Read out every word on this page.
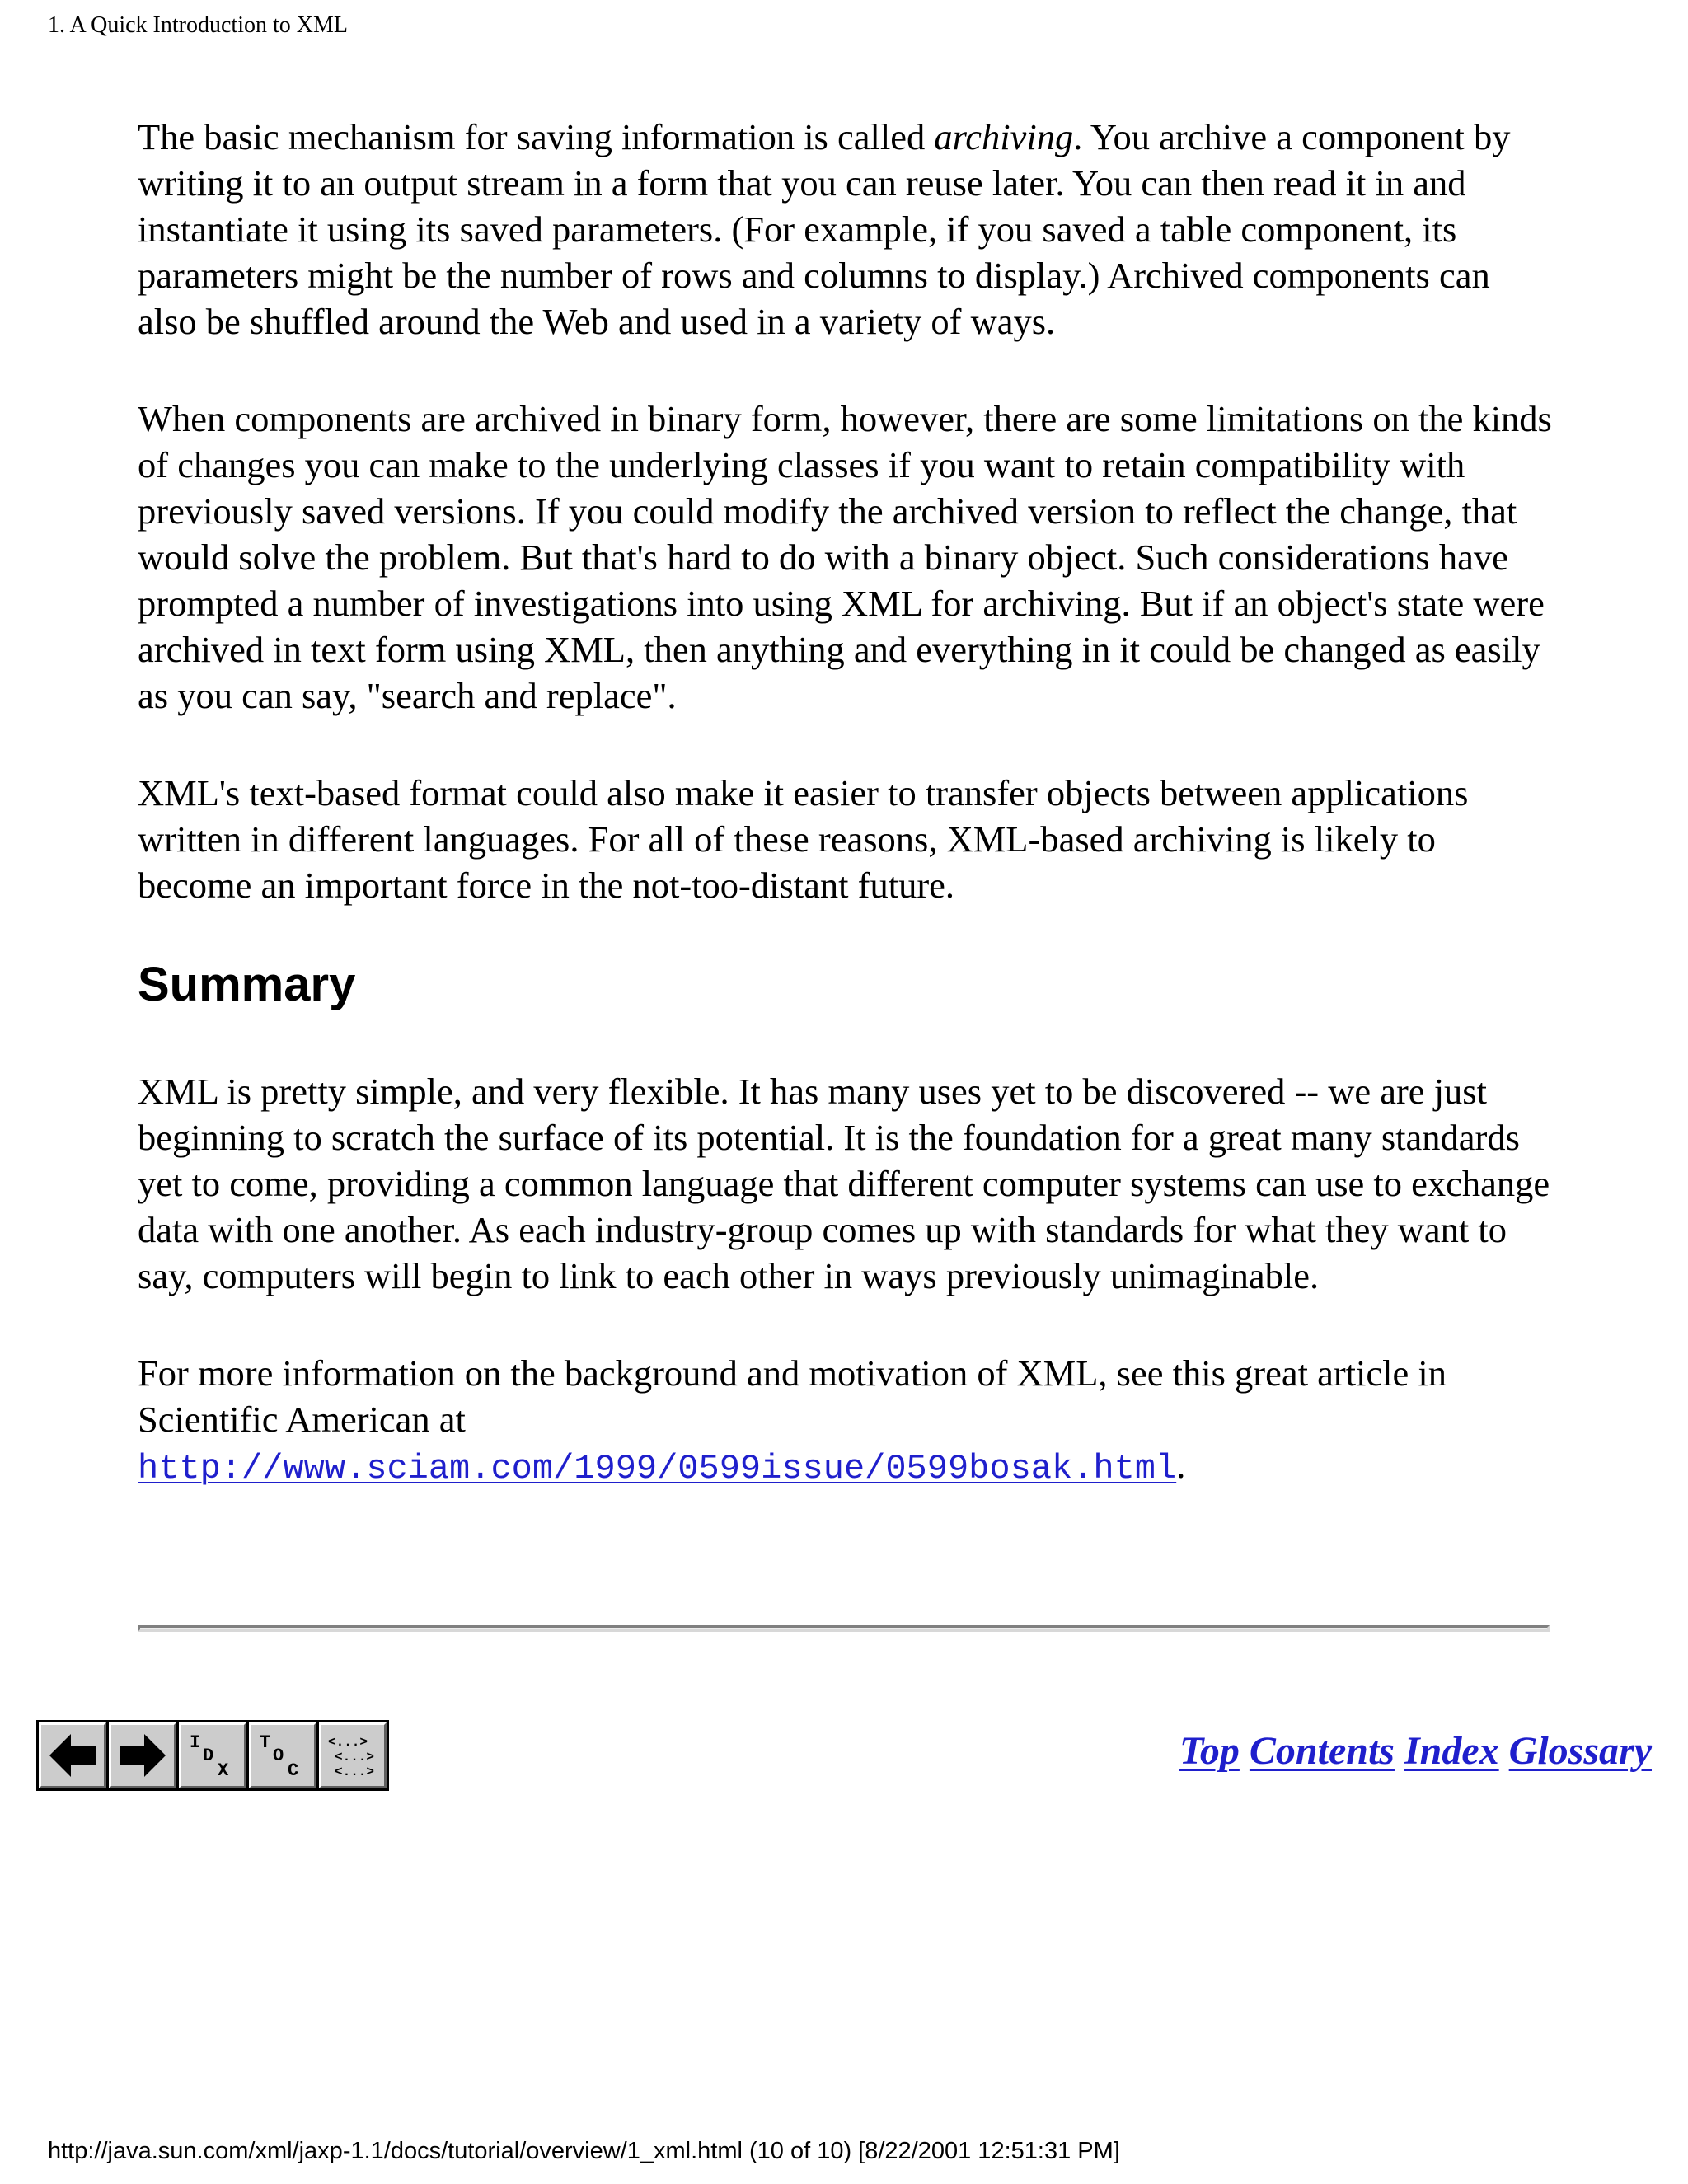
1. A Quick Introduction to XML

The basic mechanism for saving information is called archiving. You archive a component by writing it to an output stream in a form that you can reuse later. You can then read it in and instantiate it using its saved parameters. (For example, if you saved a table component, its parameters might be the number of rows and columns to display.) Archived components can also be shuffled around the Web and used in a variety of ways.

When components are archived in binary form, however, there are some limitations on the kinds of changes you can make to the underlying classes if you want to retain compatibility with previously saved versions. If you could modify the archived version to reflect the change, that would solve the problem. But that's hard to do with a binary object. Such considerations have prompted a number of investigations into using XML for archiving. But if an object's state were archived in text form using XML, then anything and everything in it could be changed as easily as you can say, "search and replace".

XML's text-based format could also make it easier to transfer objects between applications written in different languages. For all of these reasons, XML-based archiving is likely to become an important force in the not-too-distant future.

Summary

XML is pretty simple, and very flexible. It has many uses yet to be discovered -- we are just beginning to scratch the surface of its potential. It is the foundation for a great many standards yet to come, providing a common language that different computer systems can use to exchange data with one another. As each industry-group comes up with standards for what they want to say, computers will begin to link to each other in ways previously unimaginable.

For more information on the background and motivation of XML, see this great article in Scientific American at
http://www.sciam.com/1999/0599issue/0599bosak.html.

I
D
X
T
O
C
<...>
<...>
<...>	Top Contents Index Glossary
http://java.sun.com/xml/jaxp-1.1/docs/tutorial/overview/1_xml.html (10 of 10) [8/22/2001 12:51:31 PM]
